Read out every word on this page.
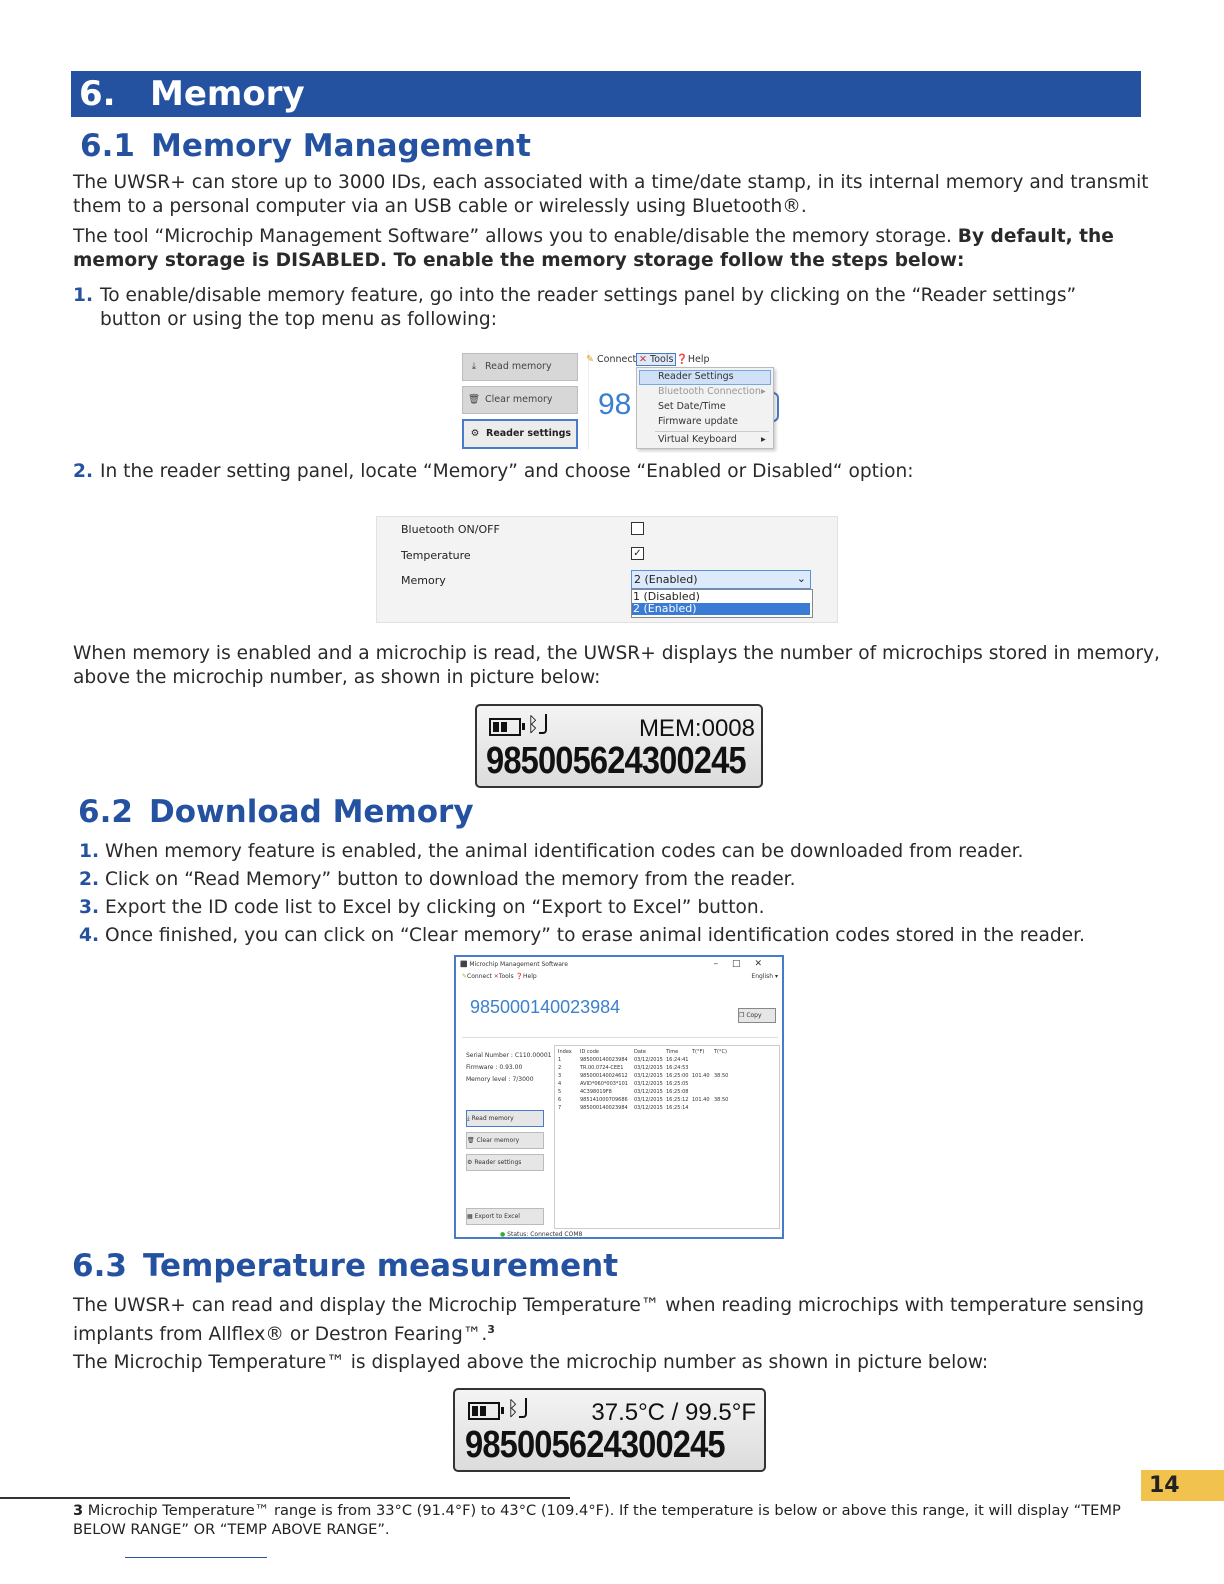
6. Memory
6.1 Memory Management
The UWSR+ can store up to 3000 IDs, each associated with a time/date stamp, in its internal memory and transmit them to a personal computer via an USB cable or wirelessly using Bluetooth®.
The tool “Microchip Management Software” allows you to enable/disable the memory storage. By default, the memory storage is DISABLED. To enable the memory storage follow the steps below:
1. To enable/disable memory feature, go into the reader settings panel by clicking on the “Reader settings” button or using the top menu as following:
⤓ Read memory
🗑 Clear memory
⚙ Reader settings
✎ Connect ✕ Tools ❓Help
98
Reader Settings
Bluetooth Connection ▸
Set Date/Time
Firmware update
Virtual Keyboard	▸
2. In the reader setting panel, locate “Memory” and choose “Enabled or Disabled“ option:
Bluetooth ON/OFF
Temperature	✓
Memory	2 (Enabled)	⌄
1 (Disabled)
2 (Enabled)
When memory is enabled and a microchip is read, the UWSR+ displays the number of microchips stored in memory, above the microchip number, as shown in picture below:
ᛒ	MEM:0008
985005624300245
6.2 Download Memory
1. When memory feature is enabled, the animal identification codes can be downloaded from reader.
2. Click on “Read Memory” button to download the memory from the reader.
3. Export the ID code list to Excel by clicking on “Export to Excel” button.
4. Once finished, you can click on “Clear memory” to erase animal identification codes stored in the reader.
⬛ Microchip Management Software	–□✕
✎Connect ✕Tools ❓Help	English ▾
985000140023984	❐ Copy
Serial Number : C110.00001
Firmware : 0.93.00
Memory level : 7/3000
⤓ Read memory
🗑 Clear memory
⚙ Reader settings
▦ Export to Excel
Index	ID code	Date	Time	T(°F)	T(°C)
1	985000140023984	03/12/2015	16:24:41		
2	TR.00.0724-CEE1	03/12/2015	16:24:53		
3	985000140024612	03/12/2015	16:25:00	101.40	38.50
4	AVID*060*003*101	03/12/2015	16:25:05		
5	4C398019F8	03/12/2015	16:25:08		
6	985141000709686	03/12/2015	16:25:12	101.40	38.50
7	985000140023984	03/12/2015	16:25:14		
● Status: Connected COM8
6.3 Temperature measurement
The UWSR+ can read and display the Microchip Temperature™ when reading microchips with temperature sensing implants from Allflex® or Destron Fearing™.$^3$
The Microchip Temperature™ is displayed above the microchip number as shown in picture below:
ᛒ	37.5°C / 99.5°F
985005624300245
14
3 Microchip Temperature™ range is from 33°C (91.4°F) to 43°C (109.4°F). If the temperature is below or above this range, it will display “TEMP BELOW RANGE” OR “TEMP ABOVE RANGE”.
